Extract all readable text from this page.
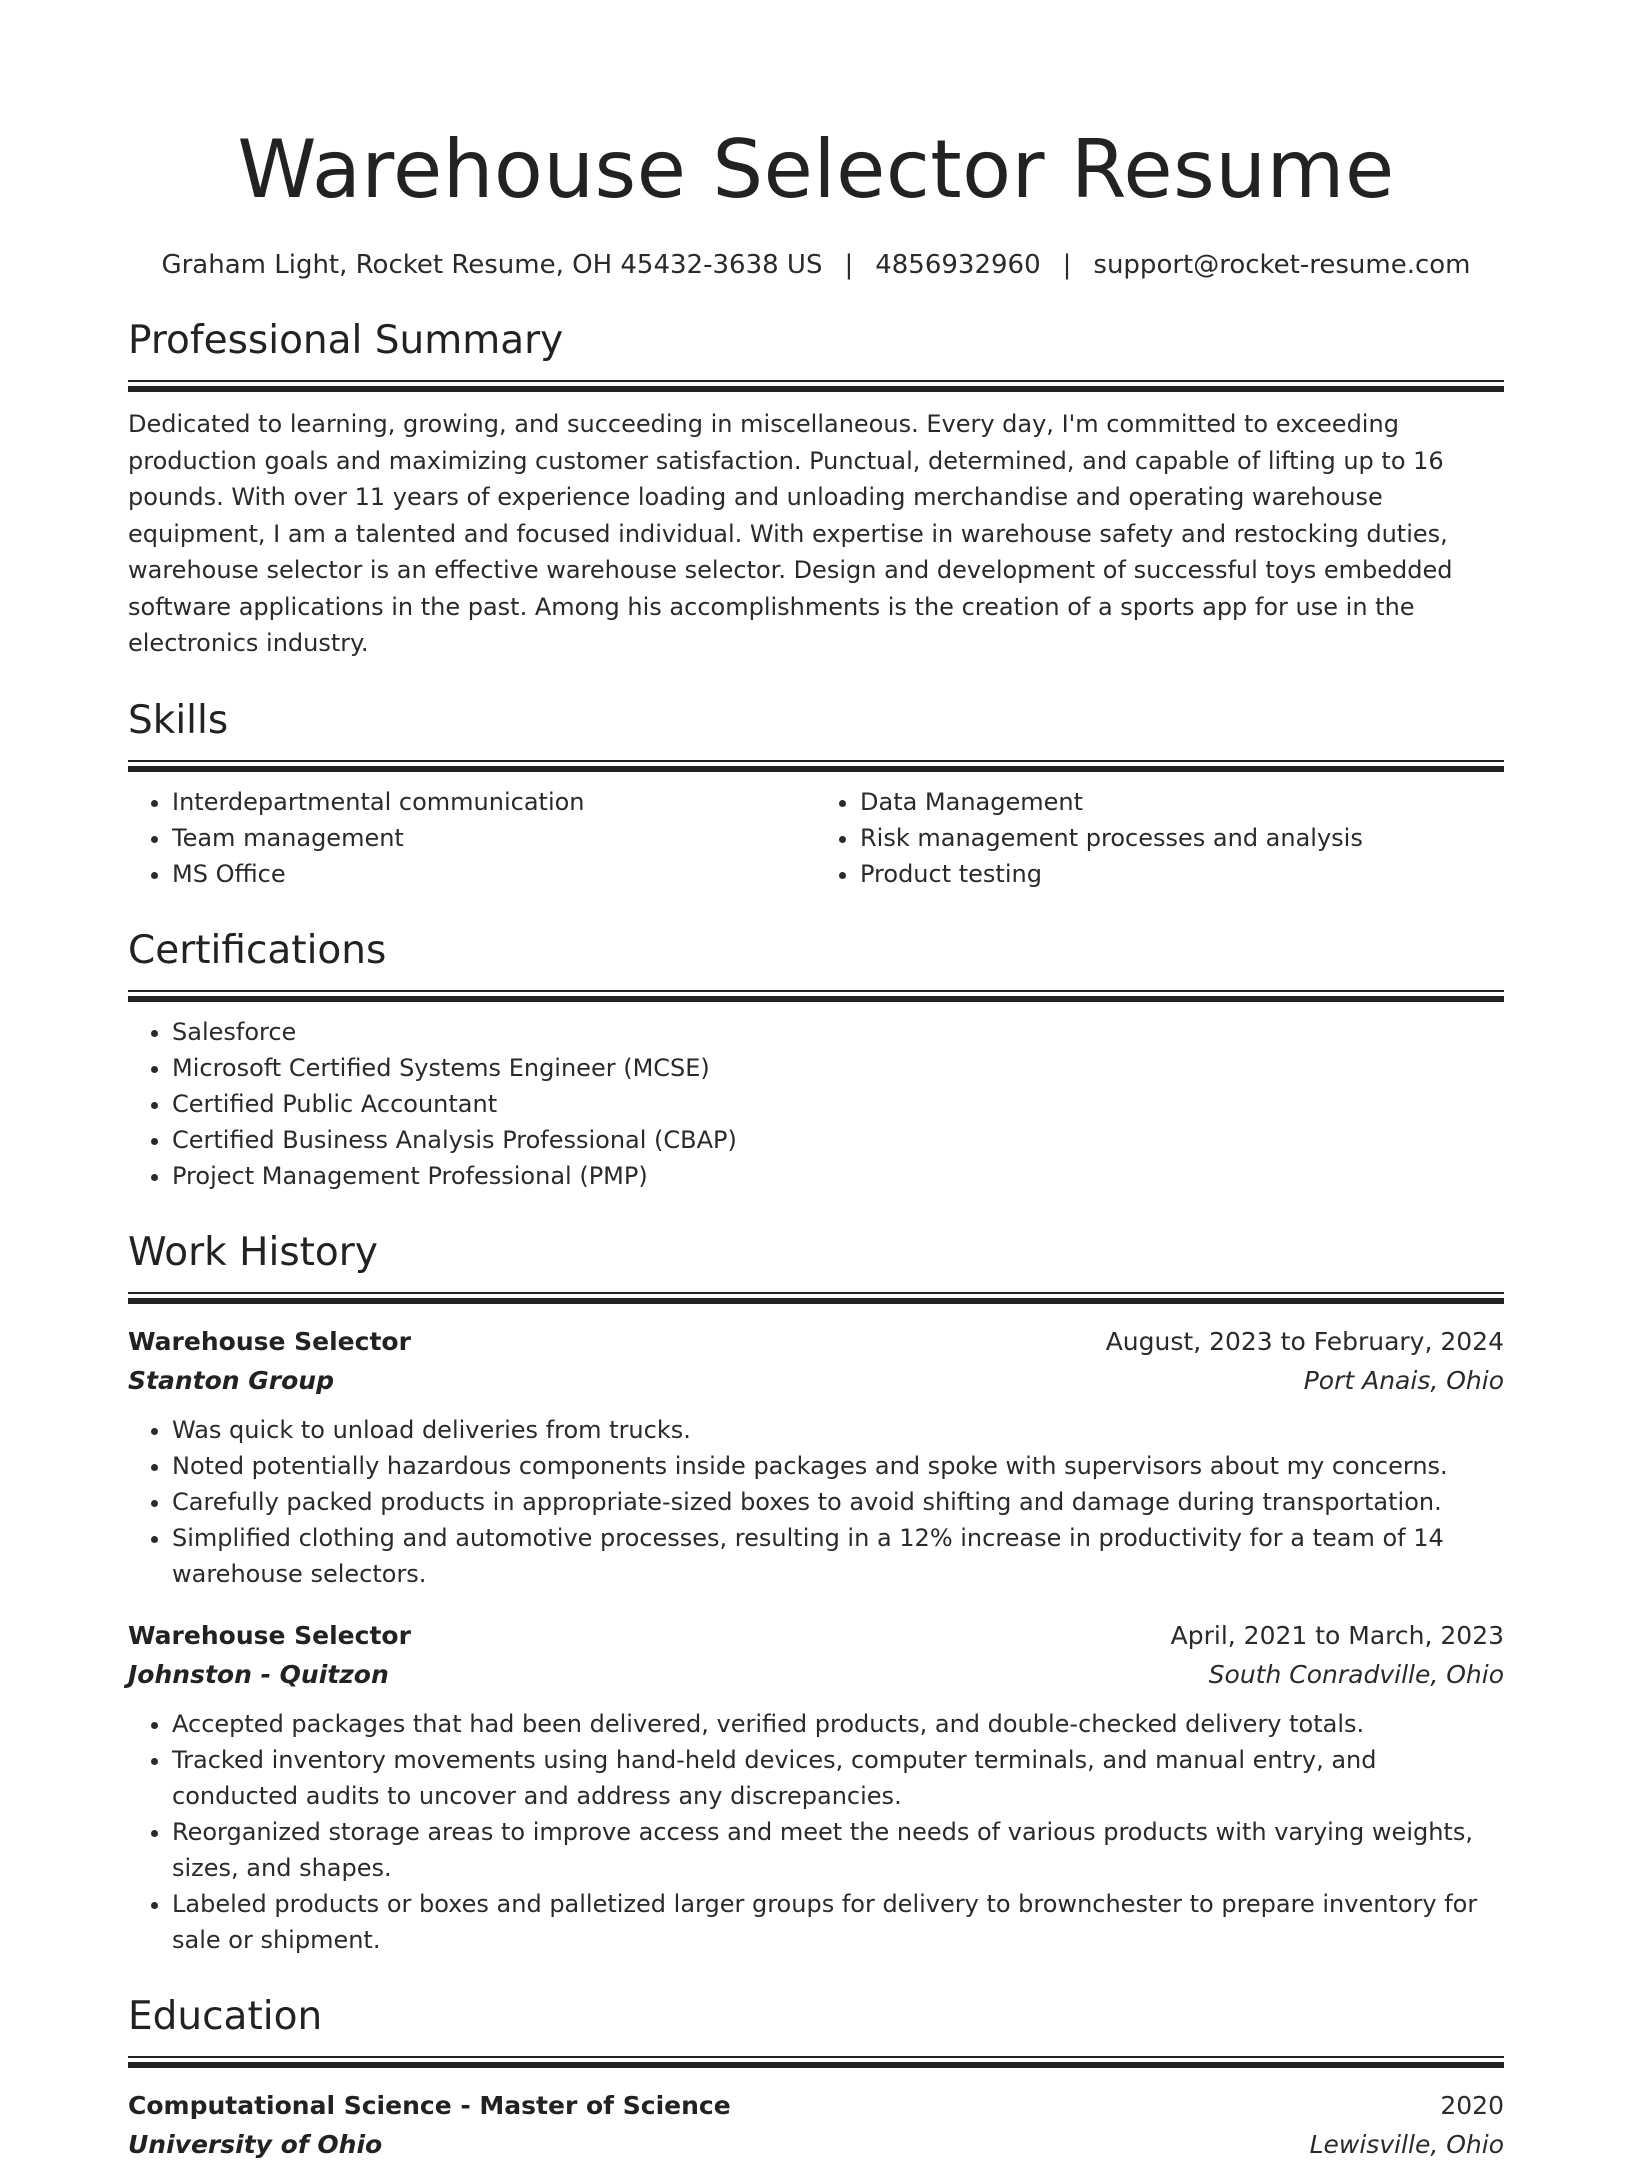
Warehouse Selector Resume
Graham Light, Rocket Resume, OH 45432-3638 US | 4856932960 | support@rocket-resume.com
Professional Summary
Dedicated to learning, growing, and succeeding in miscellaneous. Every day, I'm committed to exceeding production goals and maximizing customer satisfaction. Punctual, determined, and capable of lifting up to 16 pounds. With over 11 years of experience loading and unloading merchandise and operating warehouse equipment, I am a talented and focused individual. With expertise in warehouse safety and restocking duties, warehouse selector is an effective warehouse selector. Design and development of successful toys embedded software applications in the past. Among his accomplishments is the creation of a sports app for use in the electronics industry.
Skills
• Interdepartmental communication
• Team management
• MS Office
• Data Management
• Risk management processes and analysis
• Product testing
Certifications
• Salesforce
• Microsoft Certified Systems Engineer (MCSE)
• Certified Public Accountant
• Certified Business Analysis Professional (CBAP)
• Project Management Professional (PMP)
Work History
Warehouse Selector	August, 2023 to February, 2024
Stanton Group	Port Anais, Ohio
• Was quick to unload deliveries from trucks.
• Noted potentially hazardous components inside packages and spoke with supervisors about my concerns.
• Carefully packed products in appropriate-sized boxes to avoid shifting and damage during transportation.
• Simplified clothing and automotive processes, resulting in a 12% increase in productivity for a team of 14 warehouse selectors.
Warehouse Selector	April, 2021 to March, 2023
Johnston - Quitzon	South Conradville, Ohio
• Accepted packages that had been delivered, verified products, and double-checked delivery totals.
• Tracked inventory movements using hand-held devices, computer terminals, and manual entry, and conducted audits to uncover and address any discrepancies.
• Reorganized storage areas to improve access and meet the needs of various products with varying weights, sizes, and shapes.
• Labeled products or boxes and palletized larger groups for delivery to brownchester to prepare inventory for sale or shipment.
Education
Computational Science - Master of Science	2020
University of Ohio	Lewisville, Ohio
